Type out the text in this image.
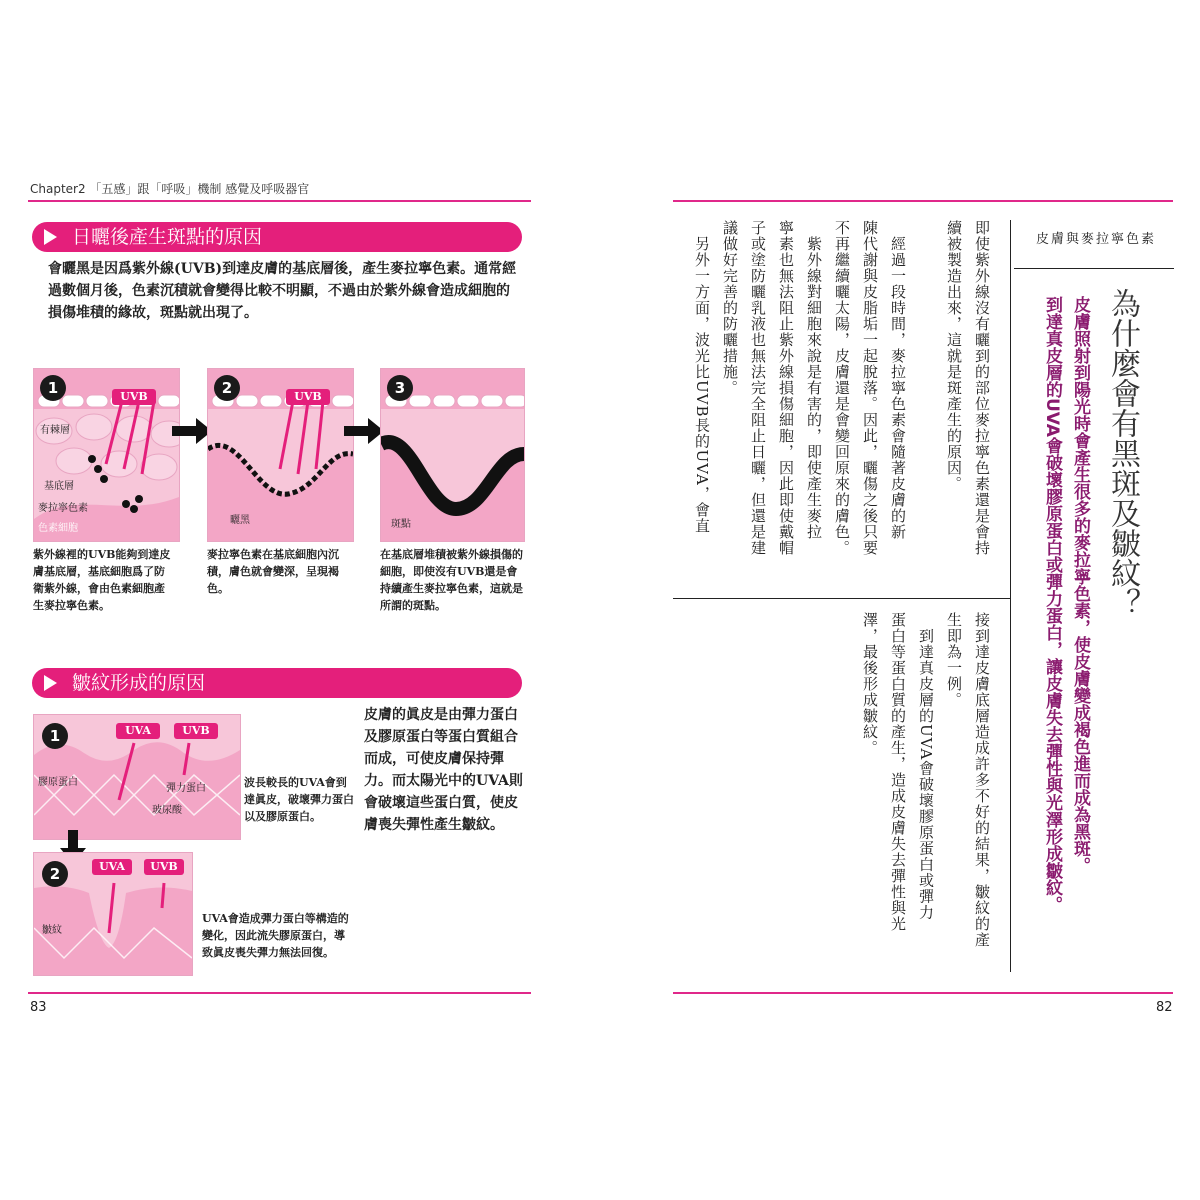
Chapter2 「五感」跟「呼吸」機制 感覺及呼吸器官
日曬後產生斑點的原因
會曬黑是因爲紫外線(UVB)到達皮膚的基底層後，產生麥拉寧色素。通常經過數個月後，色素沉積就會變得比較不明顯，不過由於紫外線會造成細胞的損傷堆積的緣故，斑點就出現了。
1	UVB
有棘層
基底層
麥拉寧色素
色素細胞
紫外線裡的UVB能夠到達皮膚基底層，基底細胞爲了防衛紫外線，會由色素細胞產生麥拉寧色素。
2	UVB
曬黑
麥拉寧色素在基底細胞內沉積，膚色就會變深，呈現褐色。
3
斑點
在基底層堆積被紫外線損傷的細胞，即使沒有UVB還是會持續產生麥拉寧色素，這就是所謂的斑點。
皺紋形成的原因
1	UVA	UVB
膠原蛋白
彈力蛋白
玻尿酸
波長較長的UVA會到達眞皮，破壞彈力蛋白以及膠原蛋白。
2	UVA	UVB
皺紋
UVA會造成彈力蛋白等構造的變化，因此流失膠原蛋白，導致眞皮喪失彈力無法回復。
皮膚的眞皮是由彈力蛋白及膠原蛋白等蛋白質組合而成，可使皮膚保持彈力。而太陽光中的UVA則會破壞這些蛋白質，使皮膚喪失彈性產生皺紋。
83
皮膚與麥拉寧色素
為什麼會有黑斑及皺紋？
皮膚照射到陽光時會產生很多的麥拉寧色素，使皮膚變成褐色進而成為黑斑。
到達真皮層的UVA會破壞膠原蛋白或彈力蛋白，讓皮膚失去彈性與光澤形成皺紋。
即使紫外線沒有曬到的部位麥拉寧色素還是會持
續被製造出來，這就是斑產生的原因。
　經過一段時間，麥拉寧色素會隨著皮膚的新
陳代謝與皮脂垢一起脫落。因此，曬傷之後只要
不再繼續曬太陽，皮膚還是會變回原來的膚色。
　紫外線對細胞來說是有害的，即使產生麥拉
寧素也無法阻止紫外線損傷細胞，因此即使戴帽
子或塗防曬乳液也無法完全阻止日曬，但還是建
議做好完善的防曬措施。
　另外一方面，波光比UVB長的UVA，會直
接到達皮膚底層造成許多不好的結果，皺紋的產
生即為一例。
　到達真皮層的UVA會破壞膠原蛋白或彈力
蛋白等蛋白質的產生，造成皮膚失去彈性與光
澤，最後形成皺紋。
82
